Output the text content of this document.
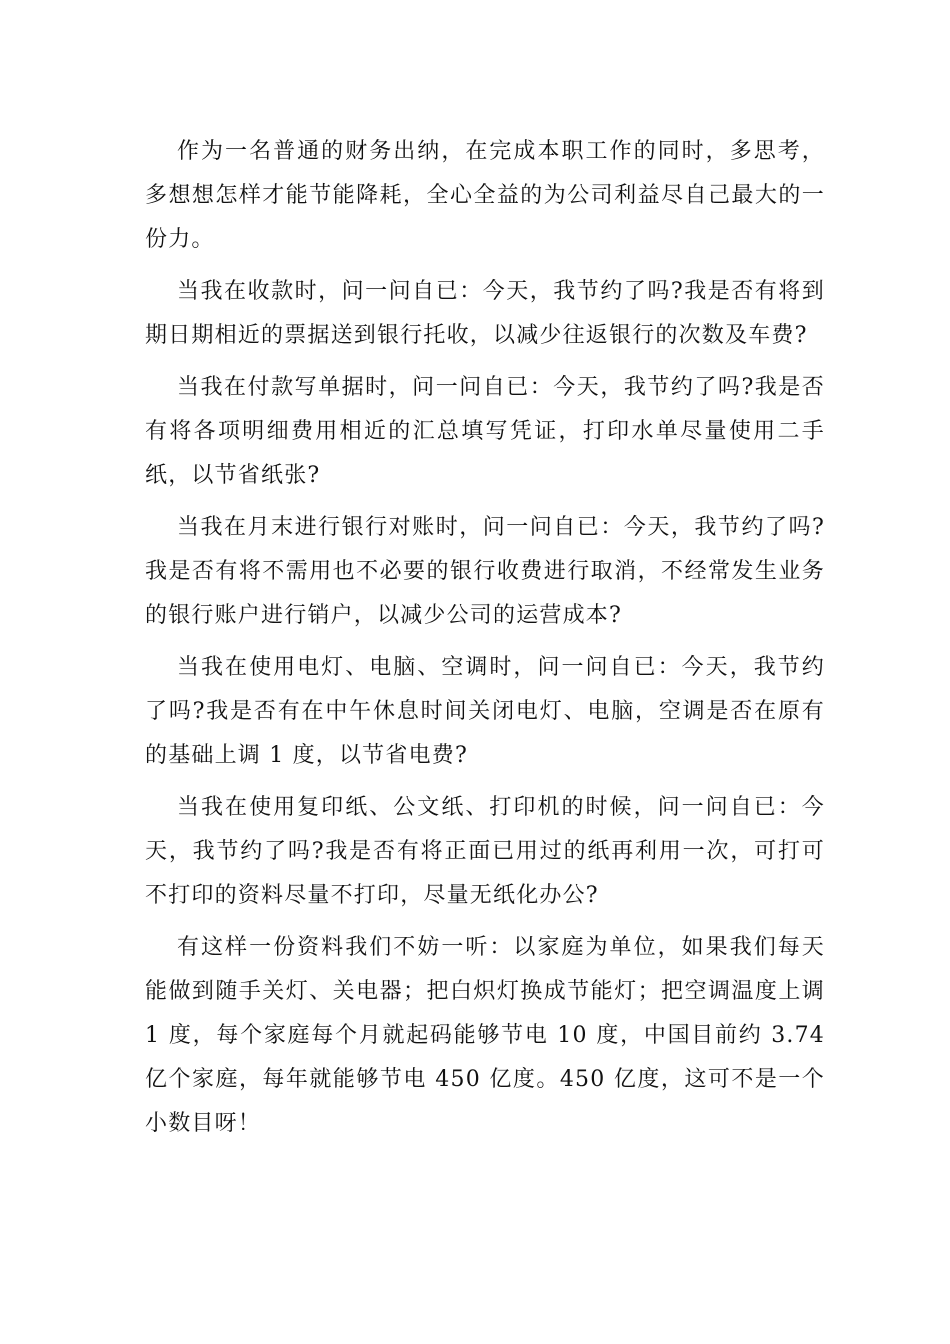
作为一名普通的财务出纳，在完成本职工作的同时，多思考，多想想怎样才能节能降耗，全心全益的为公司利益尽自己最大的一份力。

当我在收款时，问一问自已：今天，我节约了吗?我是否有将到期日期相近的票据送到银行托收，以减少往返银行的次数及车费?

当我在付款写单据时，问一问自已：今天，我节约了吗?我是否有将各项明细费用相近的汇总填写凭证，打印水单尽量使用二手纸，以节省纸张?

当我在月末进行银行对账时，问一问自已：今天，我节约了吗?我是否有将不需用也不必要的银行收费进行取消，不经常发生业务的银行账户进行销户，以减少公司的运营成本?

当我在使用电灯、电脑、空调时，问一问自已：今天，我节约了吗?我是否有在中午休息时间关闭电灯、电脑，空调是否在原有的基础上调 1 度，以节省电费?

当我在使用复印纸、公文纸、打印机的时候，问一问自已：今天，我节约了吗?我是否有将正面已用过的纸再利用一次，可打可不打印的资料尽量不打印，尽量无纸化办公?

有这样一份资料我们不妨一听：以家庭为单位，如果我们每天能做到随手关灯、关电器；把白炽灯换成节能灯；把空调温度上调 1 度，每个家庭每个月就起码能够节电 10 度，中国目前约 3.74 亿个家庭，每年就能够节电 450 亿度。450 亿度，这可不是一个小数目呀！
